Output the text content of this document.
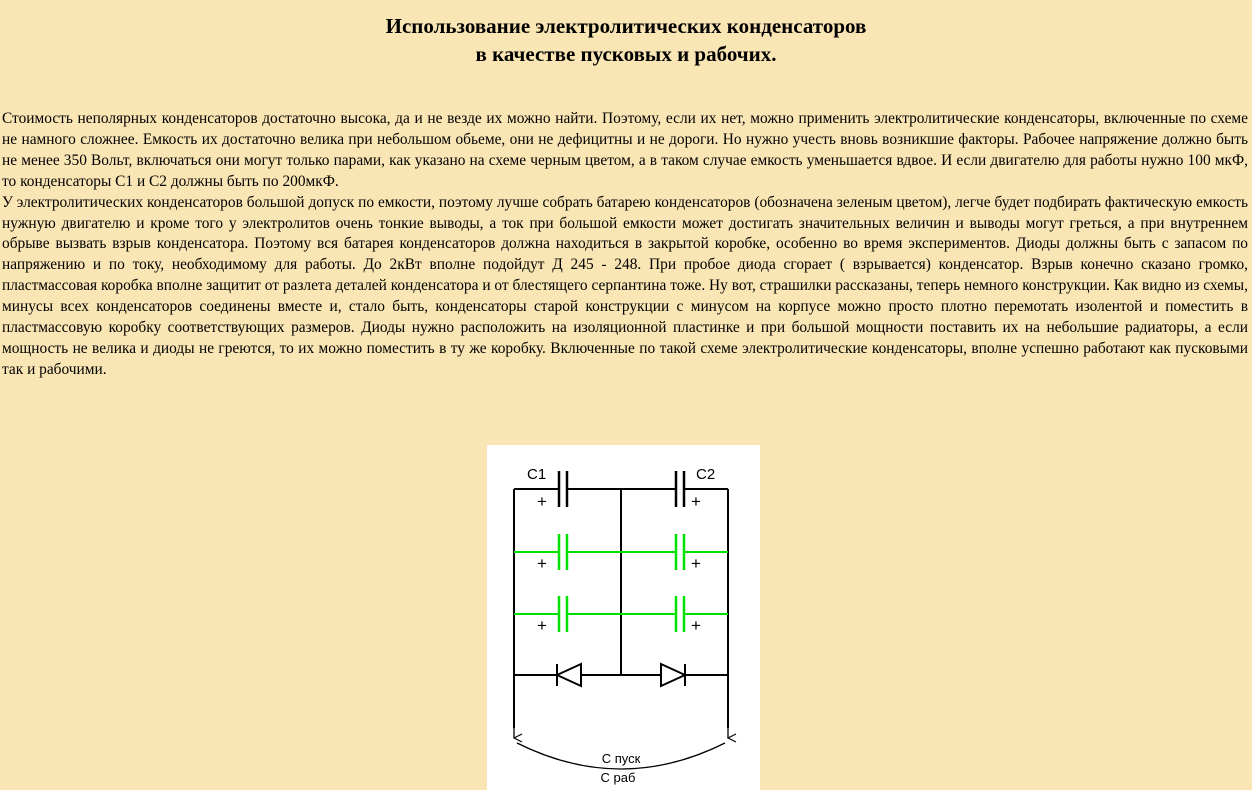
Использование электролитических конденсаторов
в качестве пусковых и рабочих.

Стоимость неполярных конденсаторов достаточно высока, да и не везде их можно найти. Поэтому, если их нет, можно применить электролитические конденсаторы, включенные по схеме не намного сложнее. Емкость их достаточно велика при небольшом обьеме, они не дефицитны и не дороги. Но нужно учесть вновь возникшие факторы. Рабочее напряжение должно быть не менее 350 Вольт, включаться они могут только парами, как указано на схеме черным цветом, а в таком случае емкость уменьшается вдвое. И если двигателю для работы нужно 100 мкФ, то конденсаторы С1 и С2 должны быть по 200мкФ.

У электролитических конденсаторов большой допуск по емкости, поэтому лучше собрать батарею конденсаторов (обозначена зеленым цветом), легче будет подбирать фактическую емкость нужную двигателю и кроме того у электролитов очень тонкие выводы, а ток при большой емкости может достигать значительных величин и выводы могут греться, а при внутреннем обрыве вызвать взрыв конденсатора. Поэтому вся батарея конденсаторов должна находиться в закрытой коробке, особенно во время экспериментов. Диоды должны быть с запасом по напряжению и по току, необходимому для работы. До 2кВт вполне подойдут Д 245 - 248. При пробое диода сгорает ( взрывается) конденсатор. Взрыв конечно сказано громко, пластмассовая коробка вполне защитит от разлета деталей конденсатора и от блестящего серпантина тоже. Ну вот, страшилки рассказаны, теперь немного конструкции. Как видно из схемы, минусы всех конденсаторов соединены вместе и, стало быть, конденсаторы старой конструкции с минусом на корпусе можно просто плотно перемотать изолентой и поместить в пластмассовую коробку соответствующих размеров. Диоды нужно расположить на изоляционной пластинке и при большой мощности поставить их на небольшие радиаторы, а если мощность не велика и диоды не греются, то их можно поместить в ту же коробку. Включенные по такой схеме электролитические конденсаторы, вполне успешно работают как пусковыми так и рабочими.

C1	C2
+	+
+	+
+	+
С пуск
С раб
